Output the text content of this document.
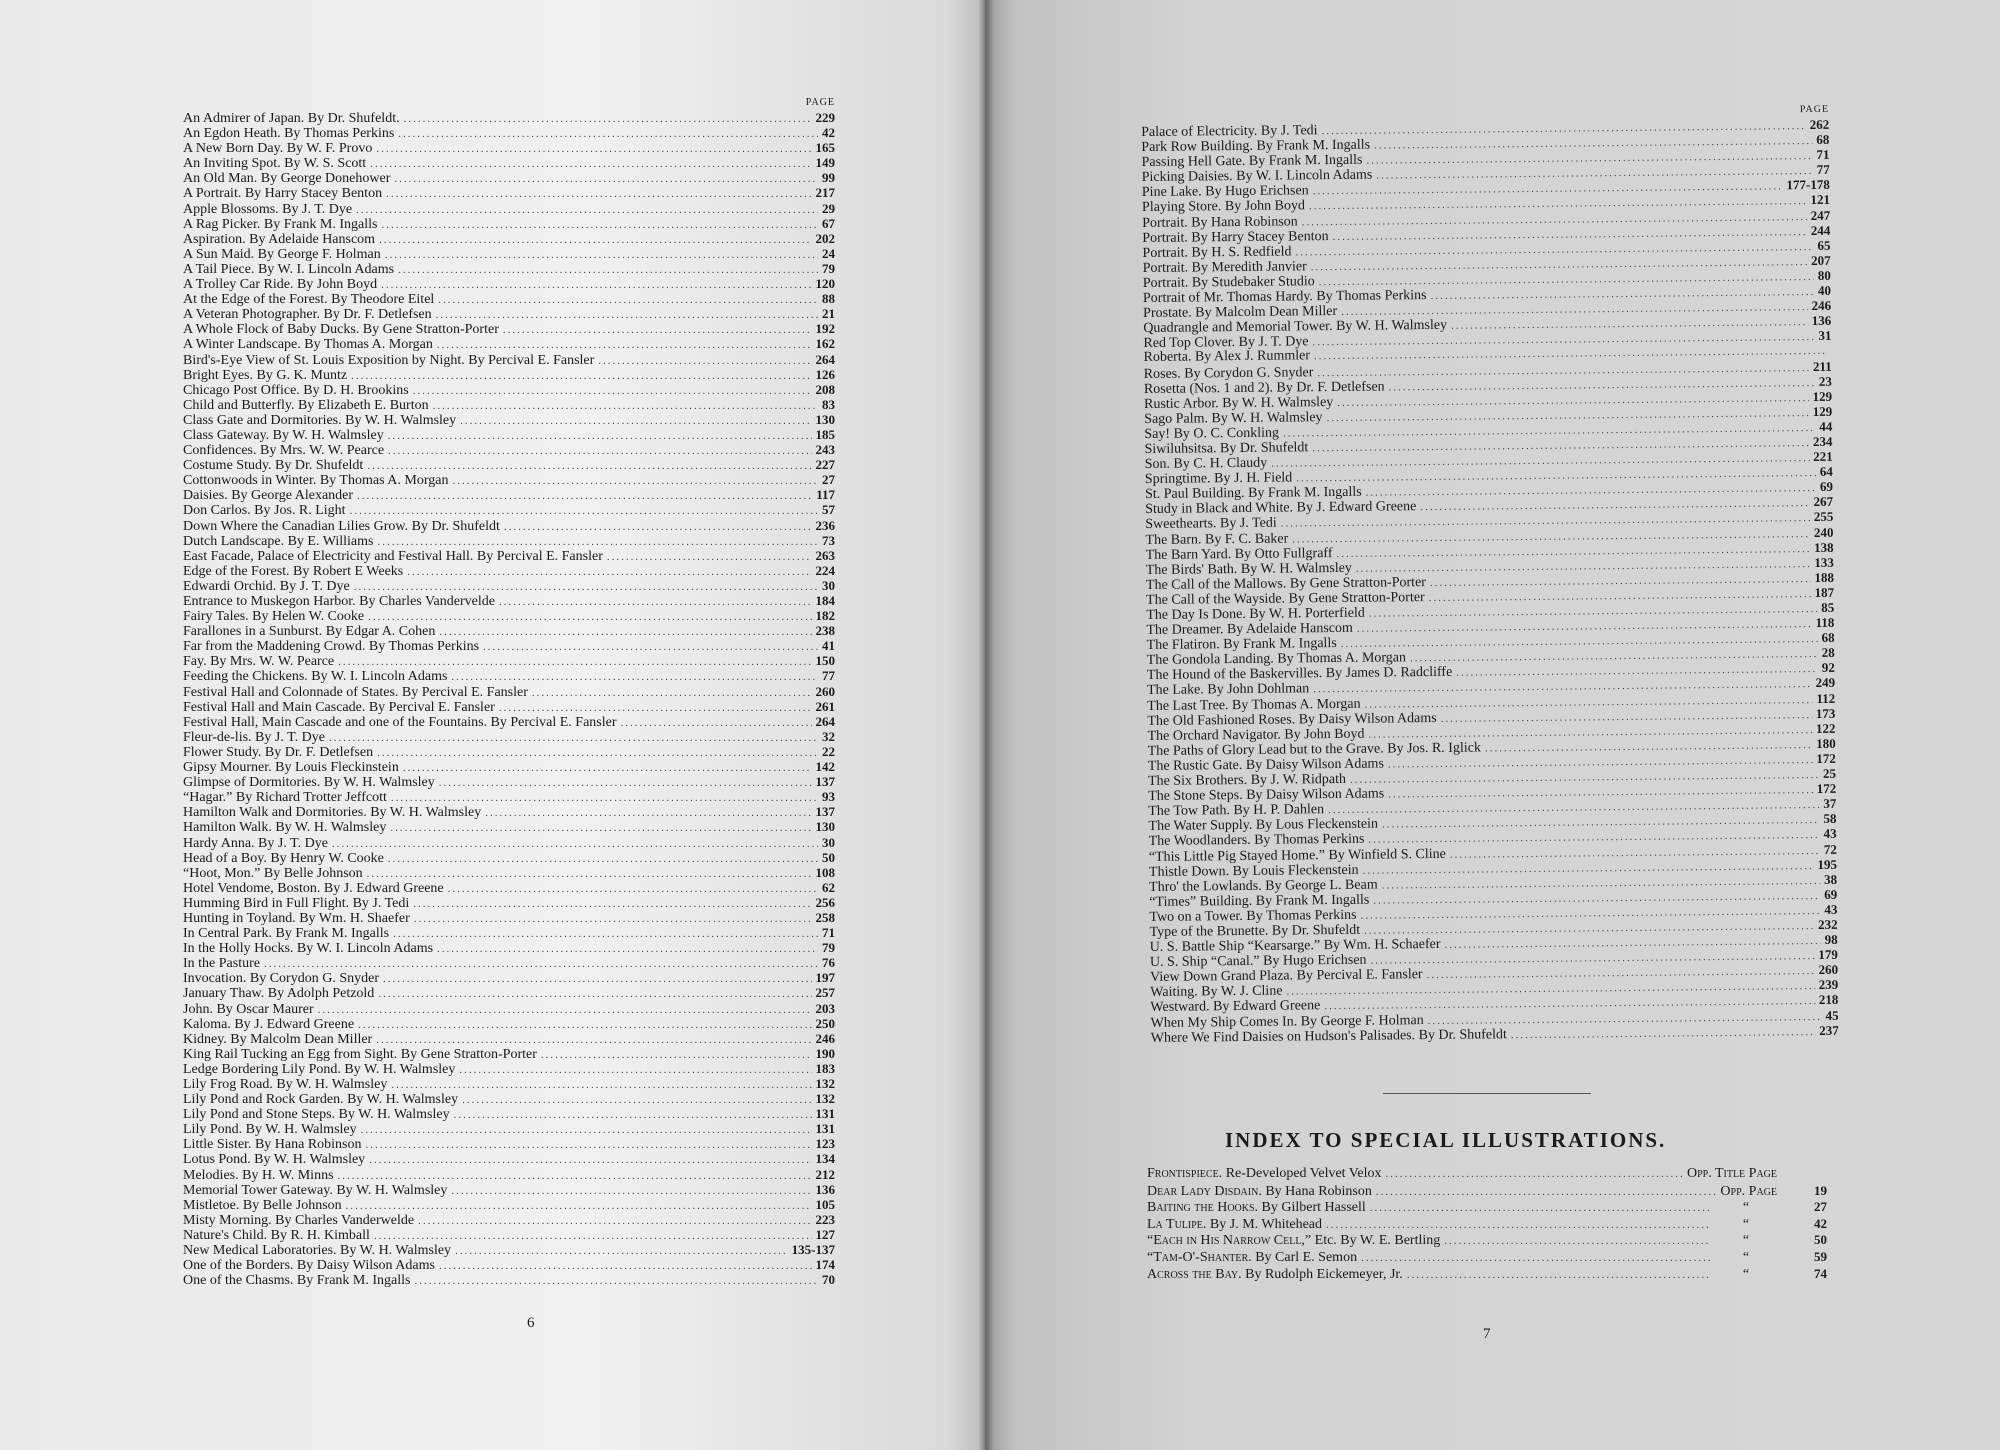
PAGE
An Admirer of Japan. By Dr. Shufeldt. .....	229
An Egdon Heath. By Thomas Perkins .....	42
A New Born Day. By W. F. Provo .....	165
An Inviting Spot. By W. S. Scott .....	149
An Old Man. By George Donehower .....	99
A Portrait. By Harry Stacey Benton .....	217
Apple Blossoms. By J. T. Dye .....	29
A Rag Picker. By Frank M. Ingalls .....	67
Aspiration. By Adelaide Hanscom .....	202
A Sun Maid. By George F. Holman .....	24
A Tail Piece. By W. I. Lincoln Adams .....	79
A Trolley Car Ride. By John Boyd .....	120
At the Edge of the Forest. By Theodore Eitel .....	88
A Veteran Photographer. By Dr. F. Detlefsen .....	21
A Whole Flock of Baby Ducks. By Gene Stratton-Porter .....	192
A Winter Landscape. By Thomas A. Morgan .....	162
Bird's-Eye View of St. Louis Exposition by Night. By Percival E. Fansler .....	264
Bright Eyes. By G. K. Muntz .....	126
Chicago Post Office. By D. H. Brookins .....	208
Child and Butterfly. By Elizabeth E. Burton .....	83
Class Gate and Dormitories. By W. H. Walmsley .....	130
Class Gateway. By W. H. Walmsley .....	185
Confidences. By Mrs. W. W. Pearce .....	243
Costume Study. By Dr. Shufeldt .....	227
Cottonwoods in Winter. By Thomas A. Morgan .....	27
Daisies. By George Alexander .....	117
Don Carlos. By Jos. R. Light .....	57
Down Where the Canadian Lilies Grow. By Dr. Shufeldt .....	236
Dutch Landscape. By E. Williams .....	73
East Facade, Palace of Electricity and Festival Hall. By Percival E. Fansler .....	263
Edge of the Forest. By Robert E Weeks .....	224
Edwardi Orchid. By J. T. Dye .....	30
Entrance to Muskegon Harbor. By Charles Vandervelde .....	184
Fairy Tales. By Helen W. Cooke .....	182
Farallones in a Sunburst. By Edgar A. Cohen .....	238
Far from the Maddening Crowd. By Thomas Perkins .....	41
Fay. By Mrs. W. W. Pearce .....	150
Feeding the Chickens. By W. I. Lincoln Adams .....	77
Festival Hall and Colonnade of States. By Percival E. Fansler .....	260
Festival Hall and Main Cascade. By Percival E. Fansler .....	261
Festival Hall, Main Cascade and one of the Fountains. By Percival E. Fansler .....	264
Fleur-de-lis. By J. T. Dye .....	32
Flower Study. By Dr. F. Detlefsen .....	22
Gipsy Mourner. By Louis Fleckinstein .....	142
Glimpse of Dormitories. By W. H. Walmsley .....	137
“Hagar.” By Richard Trotter Jeffcott .....	93
Hamilton Walk and Dormitories. By W. H. Walmsley .....	137
Hamilton Walk. By W. H. Walmsley .....	130
Hardy Anna. By J. T. Dye .....	30
Head of a Boy. By Henry W. Cooke .....	50
“Hoot, Mon.” By Belle Johnson .....	108
Hotel Vendome, Boston. By J. Edward Greene .....	62
Humming Bird in Full Flight. By J. Tedi .....	256
Hunting in Toyland. By Wm. H. Shaefer .....	258
In Central Park. By Frank M. Ingalls .....	71
In the Holly Hocks. By W. I. Lincoln Adams .....	79
In the Pasture .....	76
Invocation. By Corydon G. Snyder .....	197
January Thaw. By Adolph Petzold .....	257
John. By Oscar Maurer .....	203
Kaloma. By J. Edward Greene .....	250
Kidney. By Malcolm Dean Miller .....	246
King Rail Tucking an Egg from Sight. By Gene Stratton-Porter .....	190
Ledge Bordering Lily Pond. By W. H. Walmsley .....	183
Lily Frog Road. By W. H. Walmsley .....	132
Lily Pond and Rock Garden. By W. H. Walmsley .....	132
Lily Pond and Stone Steps. By W. H. Walmsley .....	131
Lily Pond. By W. H. Walmsley .....	131
Little Sister. By Hana Robinson .....	123
Lotus Pond. By W. H. Walmsley .....	134
Melodies. By H. W. Minns .....	212
Memorial Tower Gateway. By W. H. Walmsley .....	136
Mistletoe. By Belle Johnson .....	105
Misty Morning. By Charles Vanderwelde .....	223
Nature's Child. By R. H. Kimball .....	127
New Medical Laboratories. By W. H. Walmsley .....	135-137
One of the Borders. By Daisy Wilson Adams .....	174
One of the Chasms. By Frank M. Ingalls .....	70
6
PAGE
Palace of Electricity. By J. Tedi .....	262
Park Row Building. By Frank M. Ingalls .....	68
Passing Hell Gate. By Frank M. Ingalls .....	71
Picking Daisies. By W. I. Lincoln Adams .....	77
Pine Lake. By Hugo Erichsen .....	177-178
Playing Store. By John Boyd .....	121
Portrait. By Hana Robinson .....	247
Portrait. By Harry Stacey Benton .....	244
Portrait. By H. S. Redfield .....	65
Portrait. By Meredith Janvier .....	207
Portrait. By Studebaker Studio .....	80
Portrait of Mr. Thomas Hardy. By Thomas Perkins .....	40
Prostate. By Malcolm Dean Miller .....	246
Quadrangle and Memorial Tower. By W. H. Walmsley .....	136
Red Top Clover. By J. T. Dye .....	31
Roberta. By Alex J. Rummler
.....
Roses. By Corydon G. Snyder .....	211
Rosetta (Nos. 1 and 2). By Dr. F. Detlefsen .....	23
Rustic Arbor. By W. H. Walmsley .....	129
Sago Palm. By W. H. Walmsley .....	129
Say! By O. C. Conkling .....	44
Siwiluhsitsa. By Dr. Shufeldt .....	234
Son. By C. H. Claudy .....	221
Springtime. By J. H. Field .....	64
St. Paul Building. By Frank M. Ingalls .....	69
Study in Black and White. By J. Edward Greene .....	267
Sweethearts. By J. Tedi .....	255
The Barn. By F. C. Baker .....	240
The Barn Yard. By Otto Fullgraff .....	138
The Birds' Bath. By W. H. Walmsley .....	133
The Call of the Mallows. By Gene Stratton-Porter .....	188
The Call of the Wayside. By Gene Stratton-Porter .....	187
The Day Is Done. By W. H. Porterfield .....	85
The Dreamer. By Adelaide Hanscom .....	118
The Flatiron. By Frank M. Ingalls .....	68
The Gondola Landing. By Thomas A. Morgan .....	28
The Hound of the Baskervilles. By James D. Radcliffe .....	92
The Lake. By John Dohlman .....	249
The Last Tree. By Thomas A. Morgan .....	112
The Old Fashioned Roses. By Daisy Wilson Adams .....	173
The Orchard Navigator. By John Boyd .....	122
The Paths of Glory Lead but to the Grave. By Jos. R. Iglick .....	180
The Rustic Gate. By Daisy Wilson Adams .....	172
The Six Brothers. By J. W. Ridpath .....	25
The Stone Steps. By Daisy Wilson Adams .....	172
The Tow Path. By H. P. Dahlen .....	37
The Water Supply. By Lous Fleckenstein .....	58
The Woodlanders. By Thomas Perkins .....	43
“This Little Pig Stayed Home.” By Winfield S. Cline .....	72
Thistle Down. By Louis Fleckenstein .....	195
Thro' the Lowlands. By George L. Beam .....	38
“Times” Building. By Frank M. Ingalls .....	69
Two on a Tower. By Thomas Perkins .....	43
Type of the Brunette. By Dr. Shufeldt .....	232
U. S. Battle Ship “Kearsarge.” By Wm. H. Schaefer .....	98
U. S. Ship “Canal.” By Hugo Erichsen .....	179
View Down Grand Plaza. By Percival E. Fansler .....	260
Waiting. By W. J. Cline .....	239
Westward. By Edward Greene .....	218
When My Ship Comes In. By George F. Holman .....	45
Where We Find Daisies on Hudson's Palisades. By Dr. Shufeldt .....	237
INDEX TO SPECIAL ILLUSTRATIONS.
Frontispiece. Re-Developed Velvet Velox .....	Opp. Title Page
Dear Lady Disdain. By Hana Robinson .....	Opp. Page	19
Baiting the Hooks. By Gilbert Hassell .....	“	27
La Tulipe. By J. M. Whitehead .....	“	42
“Each in His Narrow Cell,” Etc. By W. E. Bertling .....	“	50
“Tam-O'-Shanter. By Carl E. Semon .....	“	59
Across the Bay. By Rudolph Eickemeyer, Jr. .....	“	74
7
